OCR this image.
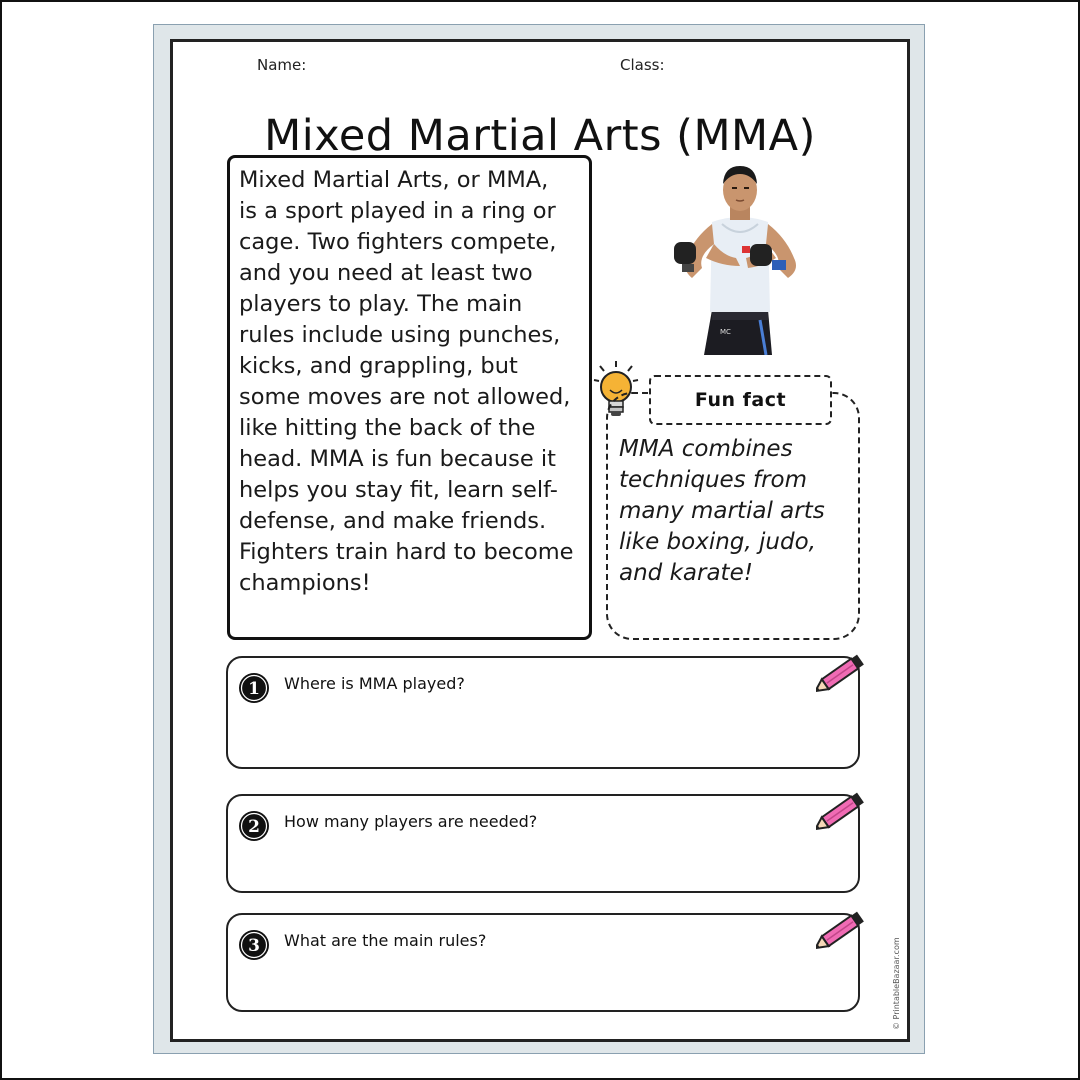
Name:	Class:
Mixed Martial Arts (MMA)

Mixed Martial Arts, or MMA,
is a sport played in a ring or
cage. Two fighters compete,
and you need at least two
players to play. The main
rules include using punches,
kicks, and grappling, but
some moves are not allowed,
like hitting the back of the
head. MMA is fun because it
helps you stay fit, learn self-
defense, and make friends.
Fighters train hard to become
champions!

MC
Fun fact
MMA combines
techniques from
many martial arts
like boxing, judo,
and karate!
1 Where is MMA played?
2 How many players are needed?
3 What are the main rules?	© PrintableBazaar.com
